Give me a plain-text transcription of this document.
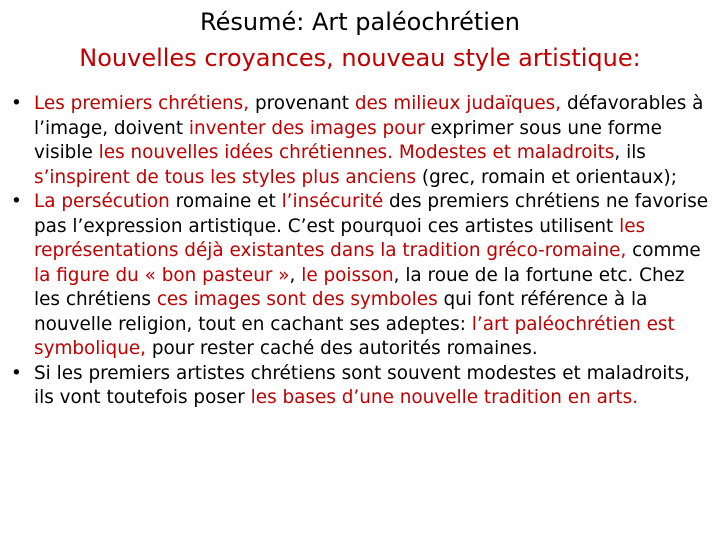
Résumé: Art paléochrétien
Nouvelles croyances, nouveau style artistique:
• Les premiers chrétiens, provenant des milieux judaïques, défavorables à l’image, doivent inventer des images pour exprimer sous une forme visible les nouvelles idées chrétiennes. Modestes et maladroits, ils s’inspirent de tous les styles plus anciens (grec, romain et orientaux);
• La persécution romaine et l’insécurité des premiers chrétiens ne favorise pas l’expression artistique. C’est pourquoi ces artistes utilisent les représentations déjà existantes dans la tradition gréco-romaine, comme la figure du « bon pasteur », le poisson, la roue de la fortune etc. Chez les chrétiens ces images sont des symboles qui font référence à la nouvelle religion, tout en cachant ses adeptes: l’art paléochrétien est symbolique, pour rester caché des autorités romaines.
• Si les premiers artistes chrétiens sont souvent modestes et maladroits, ils vont toutefois poser les bases d’une nouvelle tradition en arts.
